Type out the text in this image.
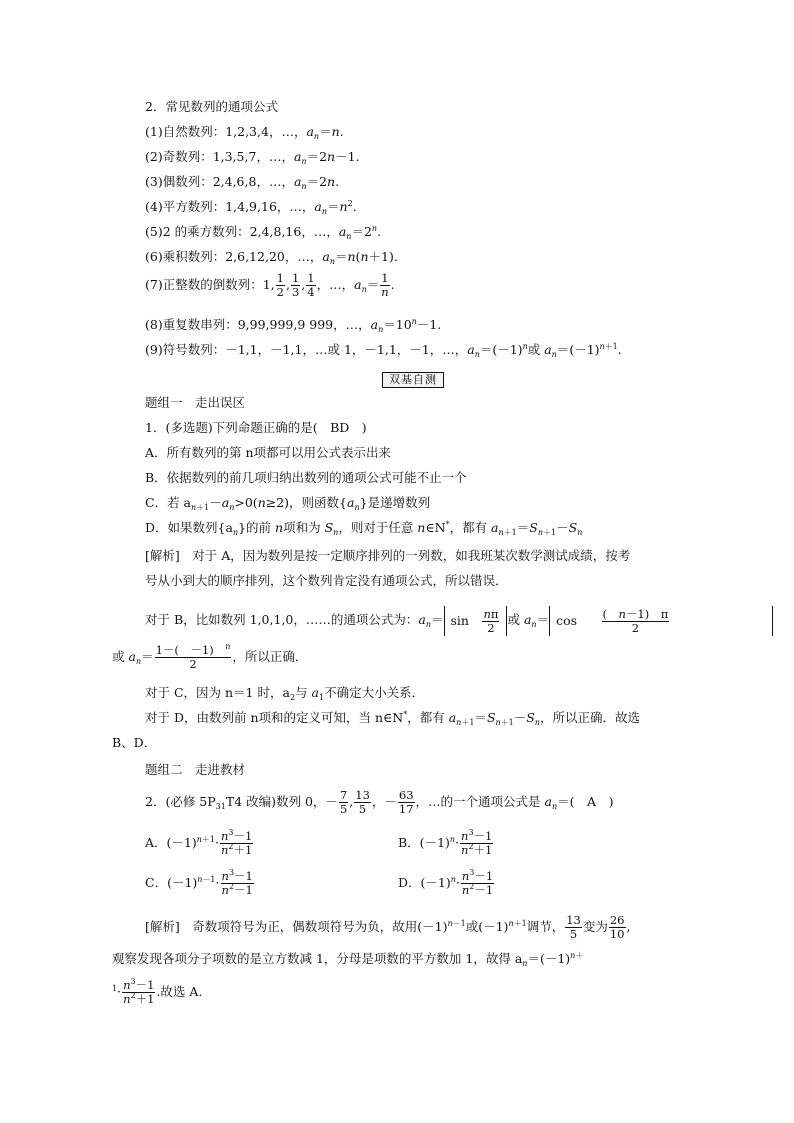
2．常见数列的通项公式
(1)自然数列：1,2,3,4，…，$a_n=n$.
(2)奇数列：1,3,5,7，…，$a_n=2n-1$.
(3)偶数列：2,4,6,8，…，$a_n=2n$.
(4)平方数列：1,4,9,16，…，$a_n=n^2$.
(5)2 的乘方数列：2,4,8,16，…，$a_n=2^n$.
(6)乘积数列：2,6,12,20，…，$a_n=n(n+1)$.
(7)正整数的倒数列：1, $\frac{1}{2}$ , $\frac{1}{3}$ , $\frac{1}{4}$ ，…，$a_n= \frac{1}{n}$ .
(8)重复数串列：9,99,999,9 999，…，$a_n=10^n-1$.
(9)符号数列：－1,1，－1,1，…或 1，－1,1，－1，…，$a_n=(-1)^n$或 $a_n=(-1)^{n+1}$.
双基自测
题组一　走出误区
1．(多选题)下列命题正确的是(　BD　)
A．所有数列的第 n项都可以用公式表示出来
B．依据数列的前几项归纳出数列的通项公式可能不止一个
C．若 $a_{n+1}-a_n>0(n\ge 2)$，则函数$\{a_n\}$是递增数列
D．如果数列$\{a_n\}$的前 n项和为 $S_n$，则对于任意 n∈N*，都有 $a_{n+1}=S_{n+1}-S_n$
[解析]　对于 A，因为数列是按一定顺序排列的一列数，如我班某次数学测试成绩，按考
号从小到大的顺序排列，这个数列肯定没有通项公式，所以错误．
对于 B，比如数列 1,0,1,0，……的通项公式为：$a_n= \sin$　 $\frac{n\pi}{2}$ 或 $a_n= \cos$　 $\frac{( n-1) \pi}{2}$
或 $a_n= \frac{1-( -1) ^n}{2}$ ，所以正确．
对于 C，因为 n＝1 时，$a_2$与 $a_1$不确定大小关系．
对于 D，由数列前 n项和的定义可知，当 n∈N*，都有 $a_{n+1}=S_{n+1}-S_n$，所以正确．故选
B、D．
题组二　走进教材
2．(必修 $5P_{31}T4$ 改编)数列 0，－ $\frac{7}{5}$ , $\frac{13}{5}$ ，－ $\frac{63}{17}$ ，…的一个通项公式是 $a_n=$(　A　)
A．$(-1)^{n+1}\cdot \frac{n^3-1}{n^2+1}$	B．$(-1)^n\cdot \frac{n^3-1}{n^2+1}$
C．$(-1)^{n-1}\cdot \frac{n^3-1}{n^2-1}$	D．$(-1)^n\cdot \frac{n^3-1}{n^2-1}$
[解析]　奇数项符号为正，偶数项符号为负，故用$(-1)^{n-1}$或$(-1)^{n+1}$调节， $\frac{13}{5}$ 变为 $\frac{26}{10}$ ,
观察发现各项分子项数的是立方数减 1，分母是项数的平方数加 1，故得 $a_n=(-1)^{n+}$
$^1\cdot \frac{n^3-1}{n^2+1}$ .故选 A.
